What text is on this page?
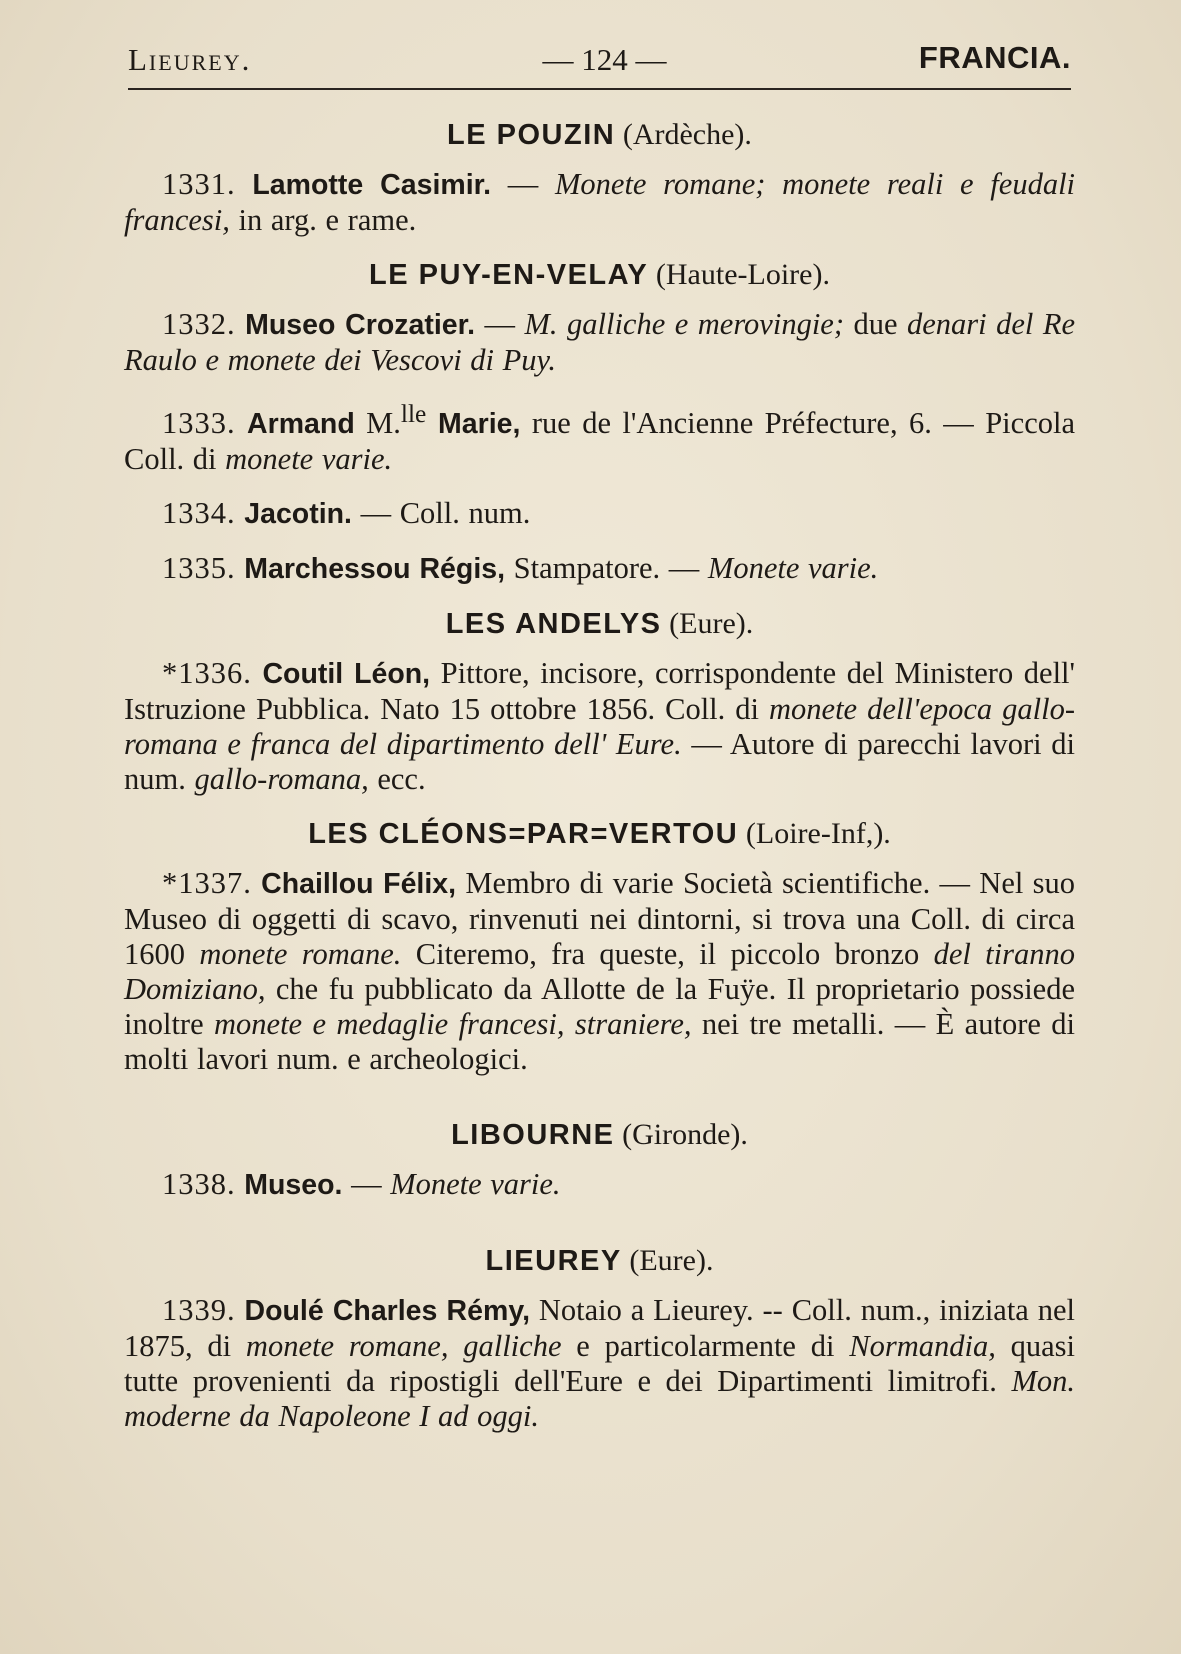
Lieurey.	— 124 —	FRANCIA.
LE POUZIN (Ardèche).

1331. Lamotte Casimir. — Monete romane; monete reali e feudali francesi, in arg. e rame.

LE PUY-EN-VELAY (Haute-Loire).

1332. Museo Crozatier. — M. galliche e merovingie; due denari del Re Raulo e monete dei Vescovi di Puy.

1333. Armand M.$^{lle}$ Marie, rue de l'Ancienne Préfecture, 6. — Piccola Coll. di monete varie.

1334. Jacotin. — Coll. num.

1335. Marchessou Régis, Stampatore. — Monete varie.

LES ANDELYS (Eure).

*1336. Coutil Léon, Pittore, incisore, corrispondente del Ministero dell' Istruzione Pubblica. Nato 15 ottobre 1856. Coll. di monete dell'epoca gallo-romana e franca del dipartimento dell' Eure. — Autore di parecchi lavori di num. gallo-romana, ecc.

LES CLÉONS=PAR=VERTOU (Loire-Inf,).

*1337. Chaillou Félix, Membro di varie Società scientifiche. — Nel suo Museo di oggetti di scavo, rinvenuti nei dintorni, si trova una Coll. di circa 1600 monete romane. Citeremo, fra queste, il piccolo bronzo del tiranno Domiziano, che fu pubblicato da Allotte de la Fuÿe. Il proprietario possiede inoltre monete e medaglie francesi, straniere, nei tre metalli. — È autore di molti lavori num. e archeologici.

LIBOURNE (Gironde).

1338. Museo. — Monete varie.

LIEUREY (Eure).

1339. Doulé Charles Rémy, Notaio a Lieurey. -- Coll. num., iniziata nel 1875, di monete romane, galliche e particolarmente di Normandia, quasi tutte provenienti da ripostigli dell'Eure e dei Dipartimenti limitrofi. Mon. moderne da Napoleone I ad oggi.
